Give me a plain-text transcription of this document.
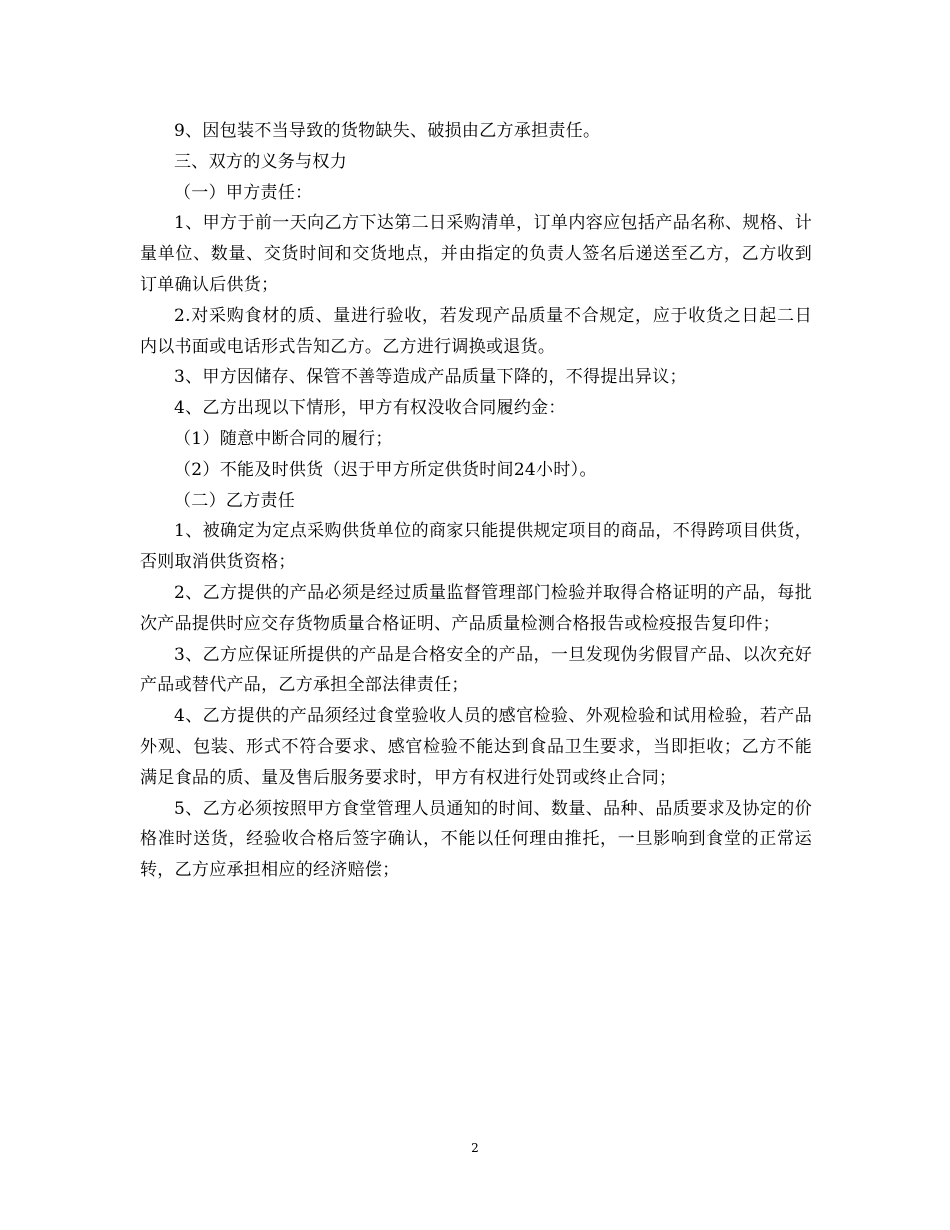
9、因包装不当导致的货物缺失、破损由乙方承担责任。

三、双方的义务与权力

（一）甲方责任：

1、甲方于前一天向乙方下达第二日采购清单，订单内容应包括产品名称、规格、计量单位、数量、交货时间和交货地点，并由指定的负责人签名后递送至乙方，乙方收到订单确认后供货；

2.对采购食材的质、量进行验收，若发现产品质量不合规定，应于收货之日起二日内以书面或电话形式告知乙方。乙方进行调换或退货。

3、甲方因储存、保管不善等造成产品质量下降的，不得提出异议；

4、乙方出现以下情形，甲方有权没收合同履约金：

（1）随意中断合同的履行；

（2）不能及时供货（迟于甲方所定供货时间24小时）。

（二）乙方责任

1、被确定为定点采购供货单位的商家只能提供规定项目的商品，不得跨项目供货，否则取消供货资格；

2、乙方提供的产品必须是经过质量监督管理部门检验并取得合格证明的产品，每批次产品提供时应交存货物质量合格证明、产品质量检测合格报告或检疫报告复印件；

3、乙方应保证所提供的产品是合格安全的产品，一旦发现伪劣假冒产品、以次充好产品或替代产品，乙方承担全部法律责任；

4、乙方提供的产品须经过食堂验收人员的感官检验、外观检验和试用检验，若产品外观、包装、形式不符合要求、感官检验不能达到食品卫生要求，当即拒收；乙方不能满足食品的质、量及售后服务要求时，甲方有权进行处罚或终止合同；

5、乙方必须按照甲方食堂管理人员通知的时间、数量、品种、品质要求及协定的价格准时送货，经验收合格后签字确认，不能以任何理由推托，一旦影响到食堂的正常运转，乙方应承担相应的经济赔偿；

2
